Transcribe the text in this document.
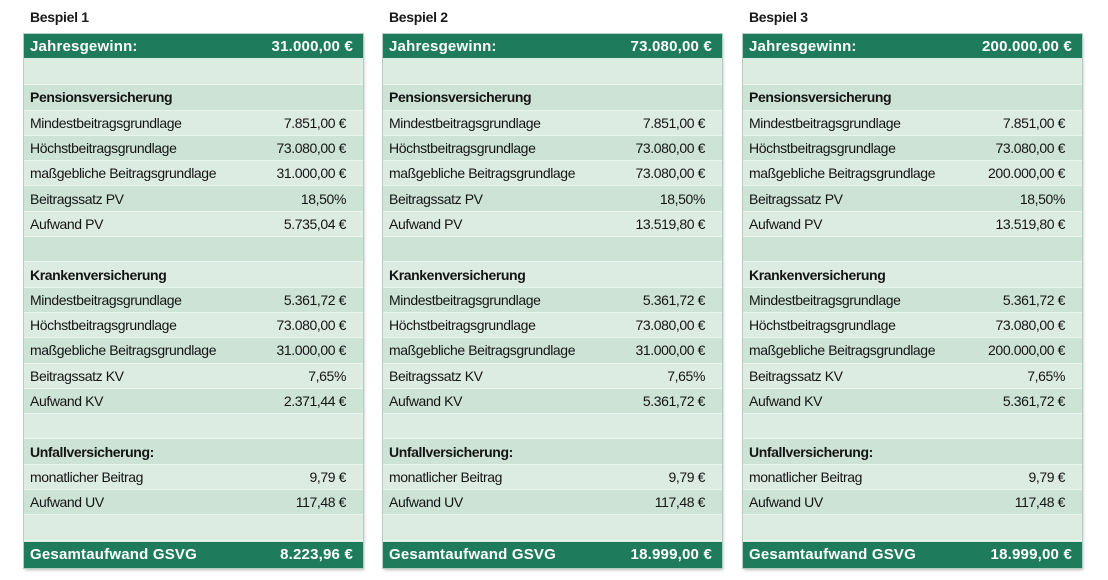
Bespiel 1
Jahresgewinn:	31.000,00 €
Pensionsversicherung
Mindestbeitragsgrundlage	7.851,00 €
Höchstbeitragsgrundlage	73.080,00 €
maßgebliche Beitragsgrundlage	31.000,00 €
Beitragssatz PV	18,50%
Aufwand PV	5.735,04 €
Krankenversicherung
Mindestbeitragsgrundlage	5.361,72 €
Höchstbeitragsgrundlage	73.080,00 €
maßgebliche Beitragsgrundlage	31.000,00 €
Beitragssatz KV	7,65%
Aufwand KV	2.371,44 €
Unfallversicherung:
monatlicher Beitrag	9,79 €
Aufwand UV	117,48 €
Gesamtaufwand GSVG	8.223,96 €
Bespiel 2
Jahresgewinn:	73.080,00 €
Pensionsversicherung
Mindestbeitragsgrundlage	7.851,00 €
Höchstbeitragsgrundlage	73.080,00 €
maßgebliche Beitragsgrundlage	73.080,00 €
Beitragssatz PV	18,50%
Aufwand PV	13.519,80 €
Krankenversicherung
Mindestbeitragsgrundlage	5.361,72 €
Höchstbeitragsgrundlage	73.080,00 €
maßgebliche Beitragsgrundlage	31.000,00 €
Beitragssatz KV	7,65%
Aufwand KV	5.361,72 €
Unfallversicherung:
monatlicher Beitrag	9,79 €
Aufwand UV	117,48 €
Gesamtaufwand GSVG	18.999,00 €
Bespiel 3
Jahresgewinn:	200.000,00 €
Pensionsversicherung
Mindestbeitragsgrundlage	7.851,00 €
Höchstbeitragsgrundlage	73.080,00 €
maßgebliche Beitragsgrundlage	200.000,00 €
Beitragssatz PV	18,50%
Aufwand PV	13.519,80 €
Krankenversicherung
Mindestbeitragsgrundlage	5.361,72 €
Höchstbeitragsgrundlage	73.080,00 €
maßgebliche Beitragsgrundlage	200.000,00 €
Beitragssatz KV	7,65%
Aufwand KV	5.361,72 €
Unfallversicherung:
monatlicher Beitrag	9,79 €
Aufwand UV	117,48 €
Gesamtaufwand GSVG	18.999,00 €
